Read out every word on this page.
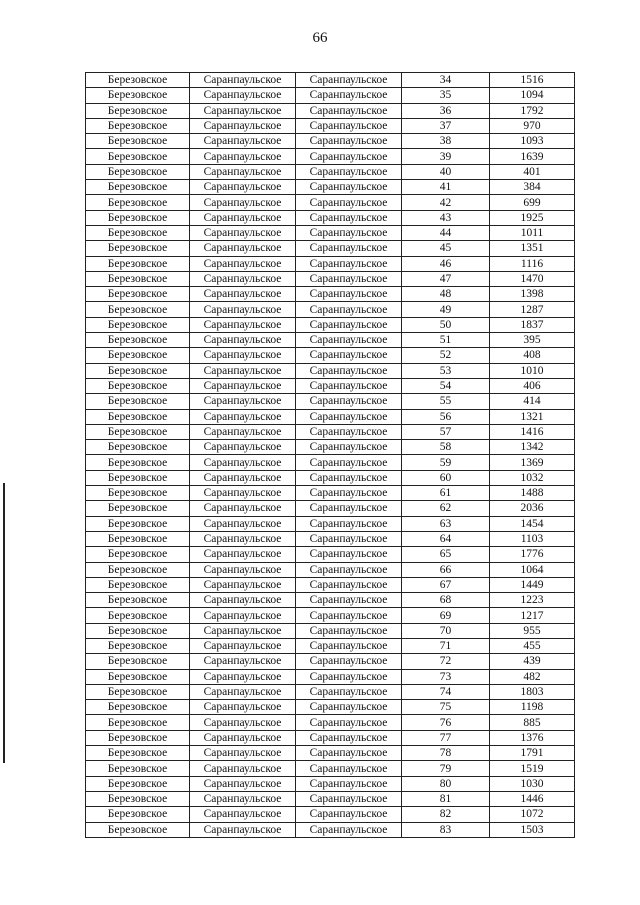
66
Березовское	Саранпаульское	Саранпаульское	34	1516
Березовское	Саранпаульское	Саранпаульское	35	1094
Березовское	Саранпаульское	Саранпаульское	36	1792
Березовское	Саранпаульское	Саранпаульское	37	970
Березовское	Саранпаульское	Саранпаульское	38	1093
Березовское	Саранпаульское	Саранпаульское	39	1639
Березовское	Саранпаульское	Саранпаульское	40	401
Березовское	Саранпаульское	Саранпаульское	41	384
Березовское	Саранпаульское	Саранпаульское	42	699
Березовское	Саранпаульское	Саранпаульское	43	1925
Березовское	Саранпаульское	Саранпаульское	44	1011
Березовское	Саранпаульское	Саранпаульское	45	1351
Березовское	Саранпаульское	Саранпаульское	46	1116
Березовское	Саранпаульское	Саранпаульское	47	1470
Березовское	Саранпаульское	Саранпаульское	48	1398
Березовское	Саранпаульское	Саранпаульское	49	1287
Березовское	Саранпаульское	Саранпаульское	50	1837
Березовское	Саранпаульское	Саранпаульское	51	395
Березовское	Саранпаульское	Саранпаульское	52	408
Березовское	Саранпаульское	Саранпаульское	53	1010
Березовское	Саранпаульское	Саранпаульское	54	406
Березовское	Саранпаульское	Саранпаульское	55	414
Березовское	Саранпаульское	Саранпаульское	56	1321
Березовское	Саранпаульское	Саранпаульское	57	1416
Березовское	Саранпаульское	Саранпаульское	58	1342
Березовское	Саранпаульское	Саранпаульское	59	1369
Березовское	Саранпаульское	Саранпаульское	60	1032
Березовское	Саранпаульское	Саранпаульское	61	1488
Березовское	Саранпаульское	Саранпаульское	62	2036
Березовское	Саранпаульское	Саранпаульское	63	1454
Березовское	Саранпаульское	Саранпаульское	64	1103
Березовское	Саранпаульское	Саранпаульское	65	1776
Березовское	Саранпаульское	Саранпаульское	66	1064
Березовское	Саранпаульское	Саранпаульское	67	1449
Березовское	Саранпаульское	Саранпаульское	68	1223
Березовское	Саранпаульское	Саранпаульское	69	1217
Березовское	Саранпаульское	Саранпаульское	70	955
Березовское	Саранпаульское	Саранпаульское	71	455
Березовское	Саранпаульское	Саранпаульское	72	439
Березовское	Саранпаульское	Саранпаульское	73	482
Березовское	Саранпаульское	Саранпаульское	74	1803
Березовское	Саранпаульское	Саранпаульское	75	1198
Березовское	Саранпаульское	Саранпаульское	76	885
Березовское	Саранпаульское	Саранпаульское	77	1376
Березовское	Саранпаульское	Саранпаульское	78	1791
Березовское	Саранпаульское	Саранпаульское	79	1519
Березовское	Саранпаульское	Саранпаульское	80	1030
Березовское	Саранпаульское	Саранпаульское	81	1446
Березовское	Саранпаульское	Саранпаульское	82	1072
Березовское	Саранпаульское	Саранпаульское	83	1503
